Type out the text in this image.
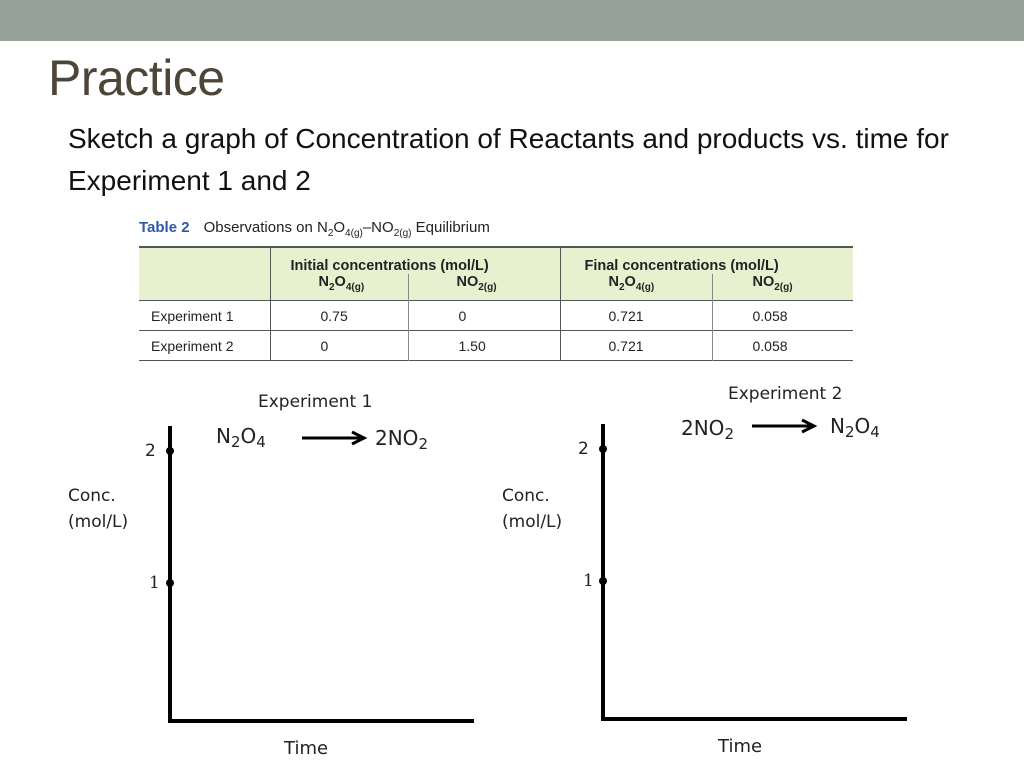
Practice
Sketch a graph of Concentration of Reactants and products vs. time for Experiment 1 and 2
Table 2 Observations on $N_2O_{4(g)}-NO_{2(g)}$ Equilibrium
	Initial concentrations (mol/L)		Final concentrations (mol/L)	
	$N_2O_{4(g)}$	$NO_{2(g)}$	$N_2O_{4(g)}$	$NO_{2(g)}$
Experiment 1	0.75	0	0.721	0.058
Experiment 2	0	1.50	0.721	0.058
Experiment 1
$N_2O_4$	$2NO_2$
Conc.
(mol/L)
2
1
Time
Experiment 2
$2NO_2$	$N_2O_4$
Conc.
(mol/L)
2
1
Time
